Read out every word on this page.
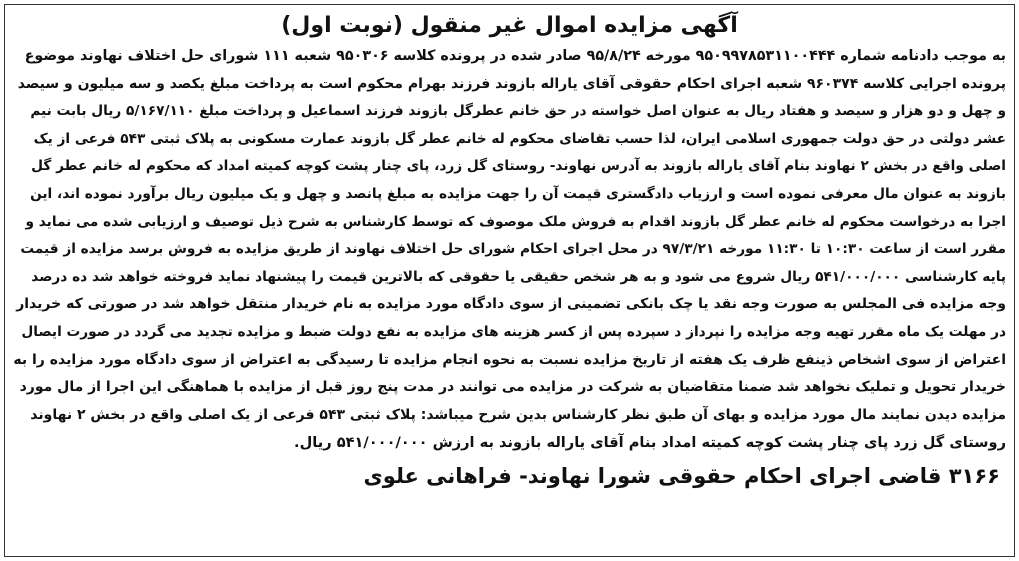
آگهی مزایده اموال غیر منقول (نوبت اول)
به موجب دادنامه شماره ۹۵۰۹۹۷۸۵۳۱۱۰۰۴۴۴ مورخه ۹۵/۸/۲۴ صادر شده در پرونده کلاسه ۹۵۰۳۰۶ شعبه ۱۱۱ شورای حل اختلاف نهاوند موضوع
پرونده اجرایی کلاسه ۹۶۰۳۷۴ شعبه اجرای احکام حقوقی آقای یاراله بازوند فرزند بهرام محکوم است به پرداخت مبلغ یکصد و سه میلیون و سیصد
و چهل و دو هزار و سیصد و هفتاد ریال به عنوان اصل خواسته در حق خانم عطرگل بازوند فرزند اسماعیل و پرداخت مبلغ ۵/۱۶۷/۱۱۰ ریال بابت نیم
عشر دولتی در حق دولت جمهوری اسلامی ایران، لذا حسب تقاضای محکوم له خانم عطر گل بازوند عمارت مسکونی به پلاک ثبتی ۵۴۳ فرعی از یک
اصلی واقع در بخش ۲ نهاوند بنام آقای یاراله بازوند به آدرس نهاوند- روستای گل زرد، پای چنار پشت کوچه کمیته امداد که محکوم له خانم عطر گل
بازوند به عنوان مال معرفی نموده است و ارزیاب دادگستری قیمت آن را جهت مزایده به مبلغ پانصد و چهل و یک میلیون ریال برآورد نموده اند، این
اجرا به درخواست محکوم له خانم عطر گل بازوند اقدام به فروش ملک موصوف که توسط کارشناس به شرح ذیل توصیف و ارزیابی شده می نماید و
مقرر است از ساعت ۱۰:۳۰ تا ۱۱:۳۰ مورخه ۹۷/۳/۲۱ در محل اجرای احکام شورای حل اختلاف نهاوند از طریق مزایده به فروش برسد مزایده از قیمت
پایه کارشناسی ۵۴۱/۰۰۰/۰۰۰ ریال شروع می شود و به هر شخص حقیقی یا حقوقی که بالاترین قیمت را پیشنهاد نماید فروخته خواهد شد ده درصد
وجه مزایده فی المجلس به صورت وجه نقد یا چک بانکی تضمینی از سوی دادگاه مورد مزایده به نام خریدار منتقل خواهد شد در صورتی که خریدار
در مهلت یک ماه مقرر تهیه وجه مزایده را نپرداز د سپرده پس از کسر هزینه های مزایده به نفع دولت ضبط و مزایده تجدید می گردد در صورت ایصال
اعتراض از سوی اشخاص ذینفع ظرف یک هفته از تاریخ مزایده نسبت به نحوه انجام مزایده تا رسیدگی به اعتراض از سوی دادگاه مورد مزایده را به
خریدار تحویل و تملیک نخواهد شد ضمنا متقاضیان به شرکت در مزایده می توانند در مدت پنج روز قبل از مزایده با هماهنگی این اجرا از مال مورد
مزایده دیدن نمایند مال مورد مزایده و بهای آن طبق نظر کارشناس بدین شرح میباشد: پلاک ثبتی ۵۴۳ فرعی از یک اصلی واقع در بخش ۲ نهاوند
روستای گل زرد پای چنار پشت کوچه کمیته امداد بنام آقای یاراله بازوند به ارزش ۵۴۱/۰۰۰/۰۰۰ ریال.
۳۱۶۶ قاضی اجرای احکام حقوقی شورا نهاوند- فراهانی علوی
